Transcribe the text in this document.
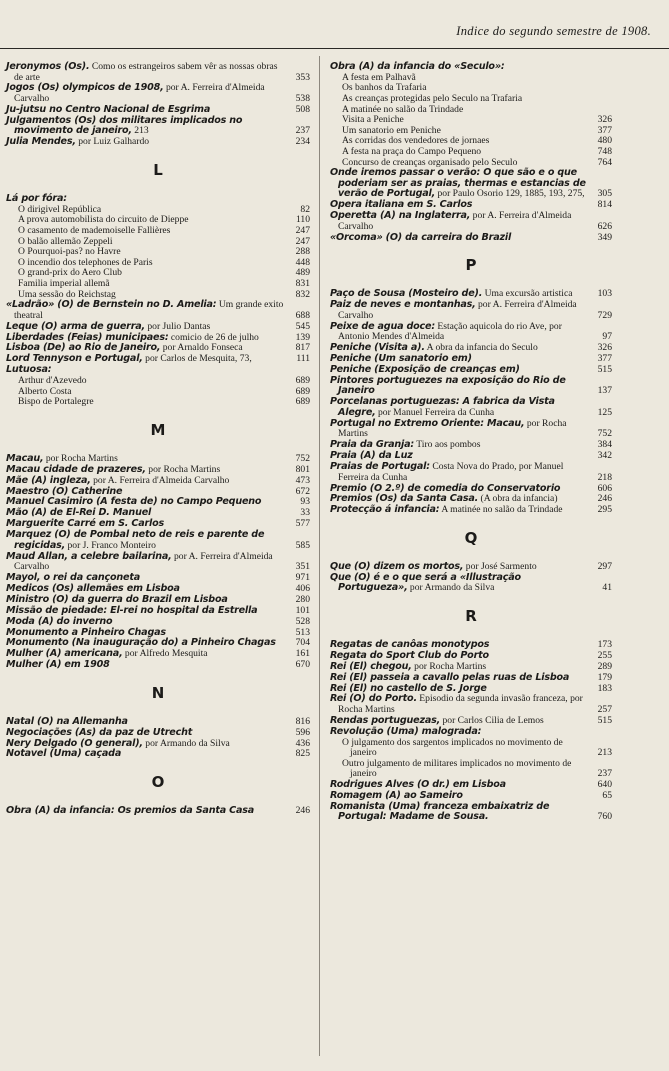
Indice do segundo semestre de 1908.
Jeronymos (Os). Como os estrangeiros sabem vêr as nossas obras de arte	353
Jogos (Os) olympicos de 1908, por A. Ferreira d'Almeida Carvalho	538
Ju-jutsu no Centro Nacional de Esgrima	508
Julgamentos (Os) dos militares implicados no movimento de janeiro, 213	237
Julia Mendes, por Luiz Galhardo	234
L
Lá por fóra:
O dirigivel República	82
A prova automobilista do circuito de Dieppe	110
O casamento de mademoiselle Fallières	247
O balão allemão Zeppeli	247
O Pourquoi-pas? no Havre	288
O incendio dos telephones de Paris	448
O grand-prix do Aero Club	489
Familia imperial allemã	831
Uma sessão do Reichstag	832
«Ladrão» (O) de Bernstein no D. Amelia: Um grande exito theatral	688
Leque (O) arma de guerra, por Julio Dantas	545
Liberdades (Feias) municipaes: comicio de 26 de julho	139
Lisboa (De) ao Rio de Janeiro, por Arnaldo Fonseca	817
Lord Tennyson e Portugal, por Carlos de Mesquita, 73,	111
Lutuosa:
Arthur d'Azevedo	689
Alberto Costa	689
Bispo de Portalegre	689
M
Macau, por Rocha Martins	752
Macau cidade de prazeres, por Rocha Martins	801
Mãe (A) ingleza, por A. Ferreira d'Almeida Carvalho	473
Maestro (O) Catherine	672
Manuel Casimiro (A festa de) no Campo Pequeno	93
Mão (A) de El-Rei D. Manuel	33
Marguerite Carré em S. Carlos	577
Marquez (O) de Pombal neto de reis e parente de regicidas, por J. Franco Monteiro	585
Maud Allan, a celebre bailarina, por A. Ferreira d'Almeida Carvalho	351
Mayol, o rei da cançoneta	971
Medicos (Os) allemães em Lisboa	406
Ministro (O) da guerra do Brazil em Lisboa	280
Missão de piedade: El-rei no hospital da Estrella	101
Moda (A) do inverno	528
Monumento a Pinheiro Chagas	513
Monumento (Na inauguração do) a Pinheiro Chagas 704
Mulher (A) americana, por Alfredo Mesquita	161
Mulher (A) em 1908	670
N
Natal (O) na Allemanha	816
Negociações (As) da paz de Utrecht	596
Nery Delgado (O general), por Armando da Silva	436
Notavel (Uma) caçada	825
O
Obra (A) da infancia: Os premios da Santa Casa	246
Obra (A) da infancia do «Seculo»:
A festa em Palhavã
Os banhos da Trafaria
As creanças protegidas pelo Seculo na Trafaria
A matinée no salão da Trindade
Visita a Peniche	326
Um sanatorio em Peniche	377
As corridas dos vendedores de jornaes	480
A festa na praça do Campo Pequeno	748
Concurso de creanças organisado pelo Seculo	764
Onde iremos passar o verão: O que são e o que poderiam ser as praias, thermas e estancias de verão de Portugal, por Paulo Osorio 129, 1885, 193, 275, 305
Opera italiana em S. Carlos	814
Operetta (A) na Inglaterra, por A. Ferreira d'Almeida Carvalho	626
«Orcoma» (O) da carreira do Brazil	349
P
Paço de Sousa (Mosteiro de). Uma excursão artistica	103
Paiz de neves e montanhas, por A. Ferreira d'Almeida Carvalho	729
Peixe de agua doce: Estação aquicola do rio Ave, por Antonio Mendes d'Almeida	97
Peniche (Visita a). A obra da infancia do Seculo	326
Peniche (Um sanatorio em)	377
Peniche (Exposição de creanças em)	515
Pintores portuguezes na exposição do Rio de Janeiro	137
Porcelanas portuguezas: A fabrica da Vista Alegre, por Manuel Ferreira da Cunha	125
Portugal no Extremo Oriente: Macau, por Rocha Martins	752
Praia da Granja: Tiro aos pombos	384
Praia (A) da Luz	342
Praias de Portugal: Costa Nova do Prado, por Manuel Ferreira da Cunha	218
Premio (O 2.º) de comedia do Conservatorio	606
Premios (Os) da Santa Casa. (A obra da infancia)	246
Protecção á infancia: A matinée no salão da Trindade	295
Q
Que (O) dizem os mortos, por José Sarmento	297
Que (O) é e o que será a «Illustração Portugueza», por Armando da Silva	41
R
Regatas de canôas monotypos	173
Regata do Sport Club do Porto	255
Rei (El) chegou, por Rocha Martins	289
Rei (El) passeia a cavallo pelas ruas de Lisboa	179
Rei (El) no castello de S. Jorge	183
Rei (O) do Porto. Episodio da segunda invasão franceza, por Rocha Martins	257
Rendas portuguezas, por Carlos Cilia de Lemos	515
Revolução (Uma) malograda:
O julgamento dos sargentos implicados no movimento de janeiro	213
Outro julgamento de militares implicados no movimento de janeiro	237
Rodrigues Alves (O dr.) em Lisboa	640
Romagem (A) ao Sameiro	65
Romanista (Uma) franceza embaixatriz de Portugal: Madame de Sousa.	760
